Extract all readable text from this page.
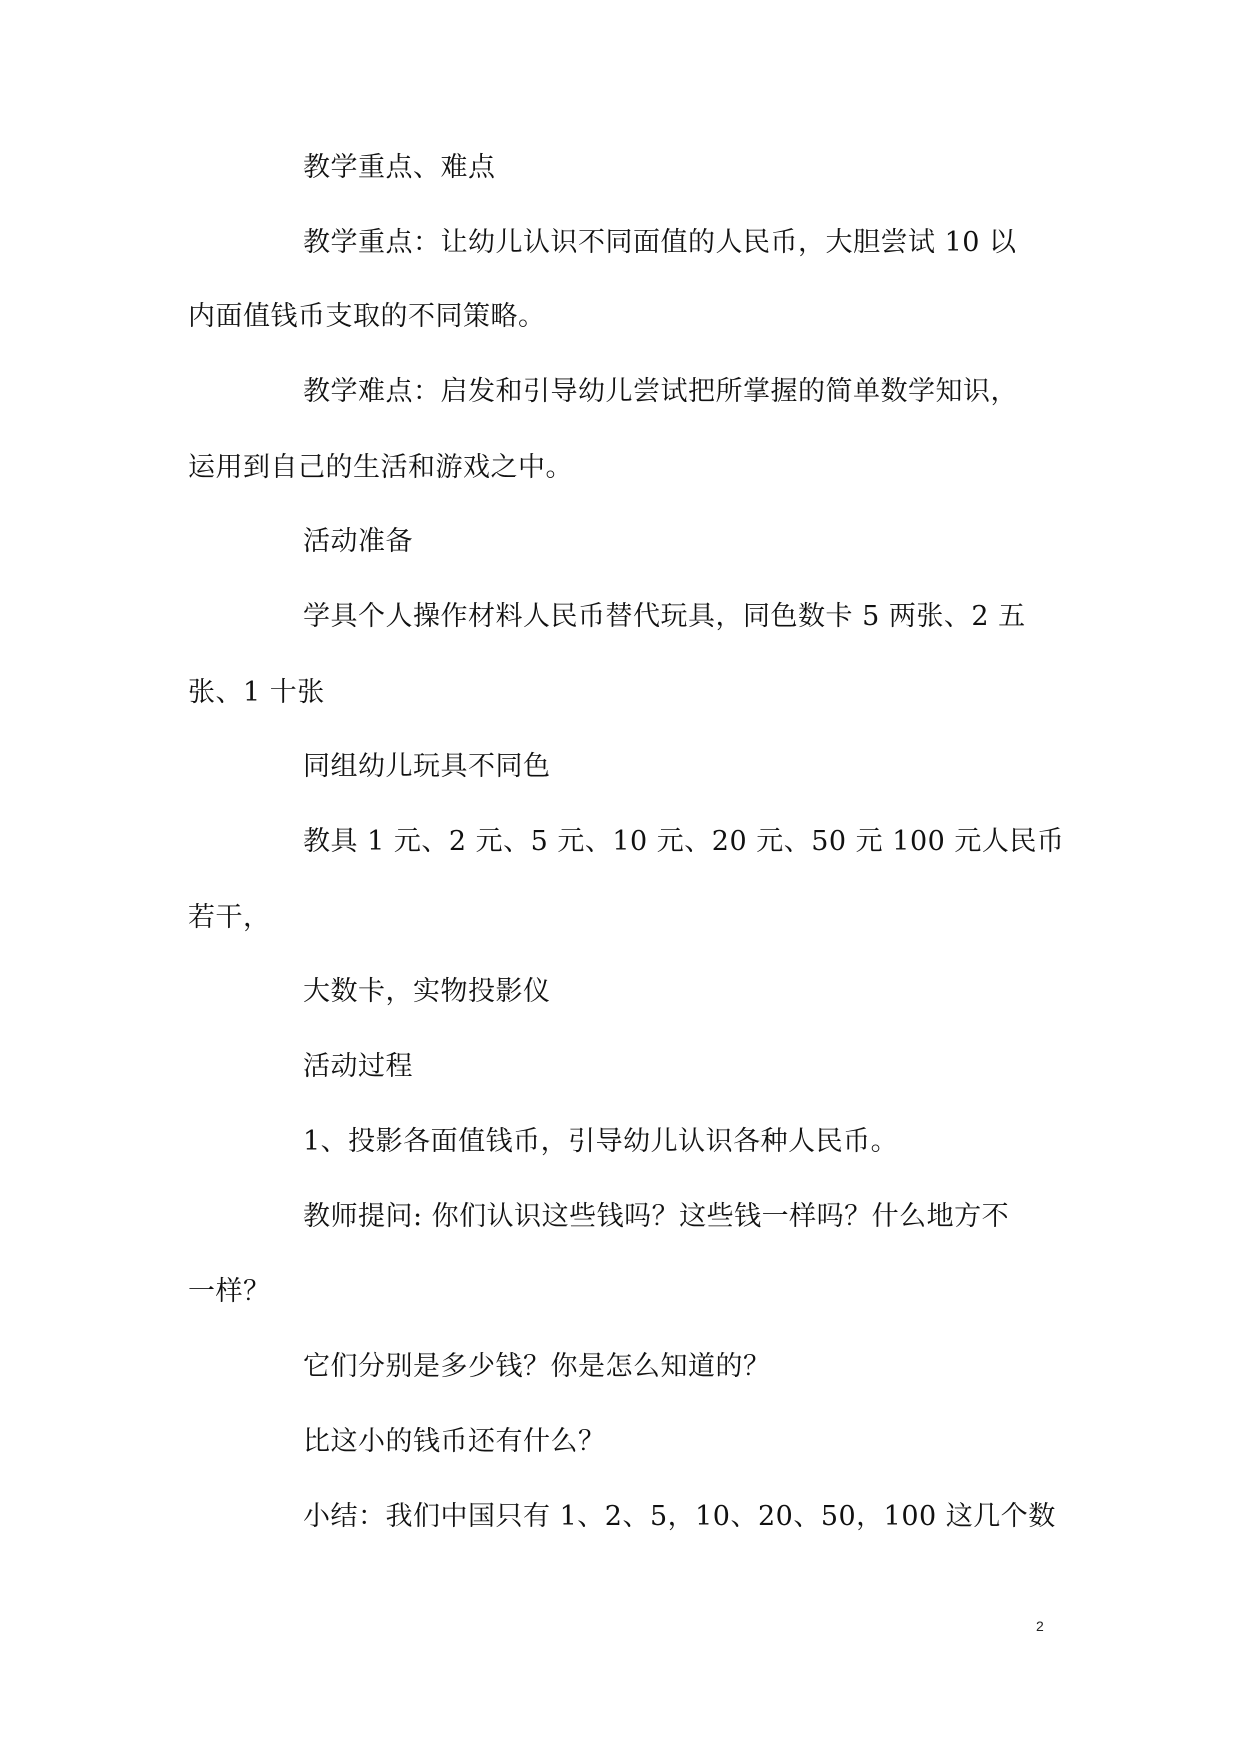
教学重点、难点
教学重点：让幼儿认识不同面值的人民币，大胆尝试 10 以
内面值钱币支取的不同策略。
教学难点：启发和引导幼儿尝试把所掌握的简单数学知识，
运用到自己的生活和游戏之中。
活动准备
学具个人操作材料人民币替代玩具，同色数卡 5 两张、2 五
张、1 十张
同组幼儿玩具不同色
教具 1 元、2 元、5 元、10 元、20 元、50 元 100 元人民币
若干，
大数卡，实物投影仪
活动过程
1、投影各面值钱币，引导幼儿认识各种人民币。
教师提问: 你们认识这些钱吗？这些钱一样吗？什么地方不
一样？
它们分别是多少钱？你是怎么知道的？
比这小的钱币还有什么？
小结：我们中国只有 1、2、5，10、20、50，100 这几个数
2
